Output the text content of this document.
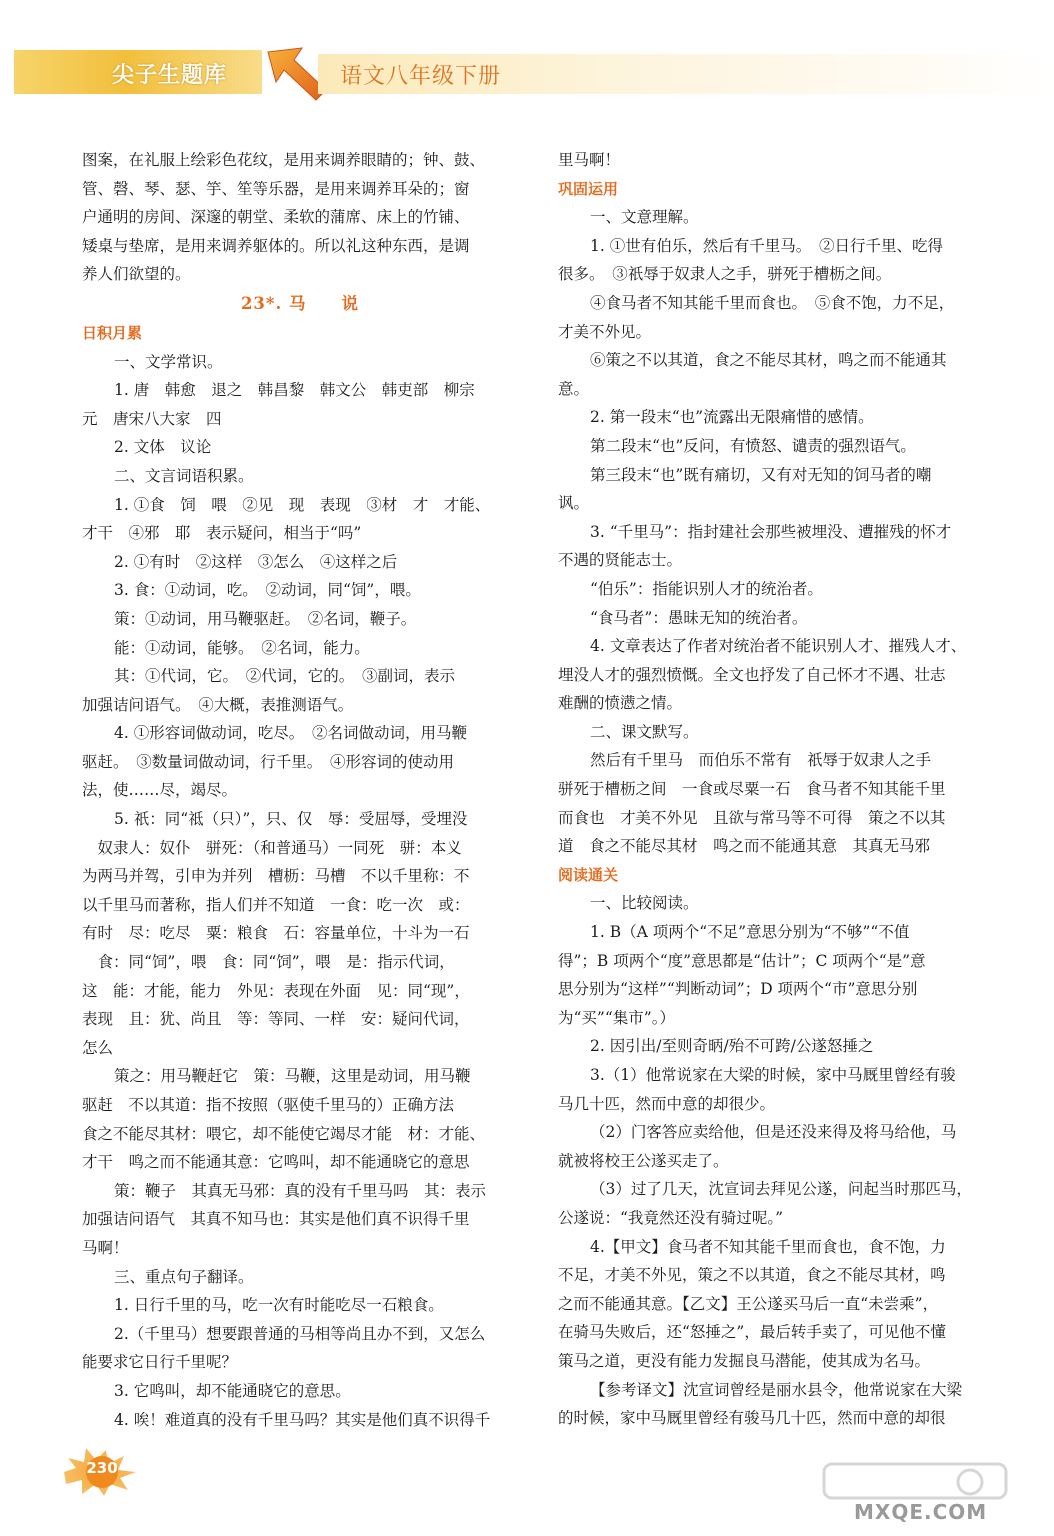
尖子生题库	语文八年级下册
图案，在礼服上绘彩色花纹，是用来调养眼睛的；钟、鼓、
管、磬、琴、瑟、竽、笙等乐器，是用来调养耳朵的；窗
户通明的房间、深邃的朝堂、柔软的蒲席、床上的竹铺、
矮桌与垫席，是用来调养躯体的。所以礼这种东西，是调
养人们欲望的。
23*. 马　　说
日积月累
一、文学常识。
1. 唐　韩愈　退之　韩昌黎　韩文公　韩吏部　柳宗
元　唐宋八大家　四
2. 文体　议论
二、文言词语积累。
1. ①食　饲　喂　②见　现　表现　③材　才　才能、
才干　④邪　耶　表示疑问，相当于“吗”
2. ①有时　②这样　③怎么　④这样之后
3. 食：①动词，吃。　②动词，同“饲”，喂。
策：①动词，用马鞭驱赶。　②名词，鞭子。
能：①动词，能够。　②名词，能力。
其：①代词，它。　②代词，它的。　③副词，表示
加强诘问语气。　④大概，表推测语气。
4. ①形容词做动词，吃尽。　②名词做动词，用马鞭
驱赶。　③数量词做动词，行千里。　④形容词的使动用
法，使……尽，竭尽。
5. 祇：同“祗（只）”，只、仅　辱：受屈辱，受埋没
　奴隶人：奴仆　骈死：（和普通马）一同死　骈：本义
为两马并驾，引申为并列　槽枥：马槽　不以千里称：不
以千里马而著称，指人们并不知道　一食：吃一次　或：
有时　尽：吃尽　粟：粮食　石：容量单位，十斗为一石
　食：同“饲”，喂　食：同“饲”，喂　是：指示代词，
这　能：才能，能力　外见：表现在外面　见：同“现”，
表现　且：犹、尚且　等：等同、一样　安：疑问代词，
怎么
策之：用马鞭赶它　策：马鞭，这里是动词，用马鞭
驱赶　不以其道：指不按照（驱使千里马的）正确方法
食之不能尽其材：喂它，却不能使它竭尽才能　材：才能、
才干　鸣之而不能通其意：它鸣叫，却不能通晓它的意思
策：鞭子　其真无马邪：真的没有千里马吗　其：表示
加强诘问语气　其真不知马也：其实是他们真不识得千里
马啊！
三、重点句子翻译。
1. 日行千里的马，吃一次有时能吃尽一石粮食。
2.（千里马）想要跟普通的马相等尚且办不到，又怎么
能要求它日行千里呢？
3. 它鸣叫，却不能通晓它的意思。
4. 唉！难道真的没有千里马吗？其实是他们真不识得千
里马啊！
巩固运用
一、文意理解。
1. ①世有伯乐，然后有千里马。　②日行千里、吃得
很多。　③祇辱于奴隶人之手，骈死于槽枥之间。
④食马者不知其能千里而食也。　⑤食不饱，力不足，
才美不外见。
⑥策之不以其道，食之不能尽其材，鸣之而不能通其
意。
2. 第一段末“也”流露出无限痛惜的感情。
第二段末“也”反问，有愤怒、谴责的强烈语气。
第三段末“也”既有痛切，又有对无知的饲马者的嘲
讽。
3. “千里马”：指封建社会那些被埋没、遭摧残的怀才
不遇的贤能志士。
“伯乐”：指能识别人才的统治者。
“食马者”：愚昧无知的统治者。
4. 文章表达了作者对统治者不能识别人才、摧残人才、
埋没人才的强烈愤慨。全文也抒发了自己怀才不遇、壮志
难酬的愤懑之情。
二、课文默写。
然后有千里马　而伯乐不常有　祇辱于奴隶人之手
骈死于槽枥之间　一食或尽粟一石　食马者不知其能千里
而食也　才美不外见　且欲与常马等不可得　策之不以其
道　食之不能尽其材　鸣之而不能通其意　其真无马邪
阅读通关
一、比较阅读。
1. B（A 项两个“不足”意思分别为“不够”“不值
得”；B 项两个“度”意思都是“估计”；C 项两个“是”意
思分别为“这样”“判断动词”；D 项两个“市”意思分别
为“买”“集市”。）
2. 因引出/至则奇昞/殆不可跨/公遂怒捶之
3.（1）他常说家在大梁的时候，家中马厩里曾经有骏
马几十匹，然而中意的却很少。
（2）门客答应卖给他，但是还没来得及将马给他，马
就被将校王公遂买走了。
（3）过了几天，沈宣词去拜见公遂，问起当时那匹马，
公遂说：“我竟然还没有骑过呢。”
4.【甲文】食马者不知其能千里而食也，食不饱，力
不足，才美不外见，策之不以其道，食之不能尽其材，鸣
之而不能通其意。【乙文】王公遂买马后一直“未尝乘”，
在骑马失败后，还“怒捶之”，最后转手卖了，可见他不懂
策马之道，更没有能力发掘良马潜能，使其成为名马。
【参考译文】沈宣词曾经是丽水县令，他常说家在大梁
的时候，家中马厩里曾经有骏马几十匹，然而中意的却很
230
MXQE.COM
